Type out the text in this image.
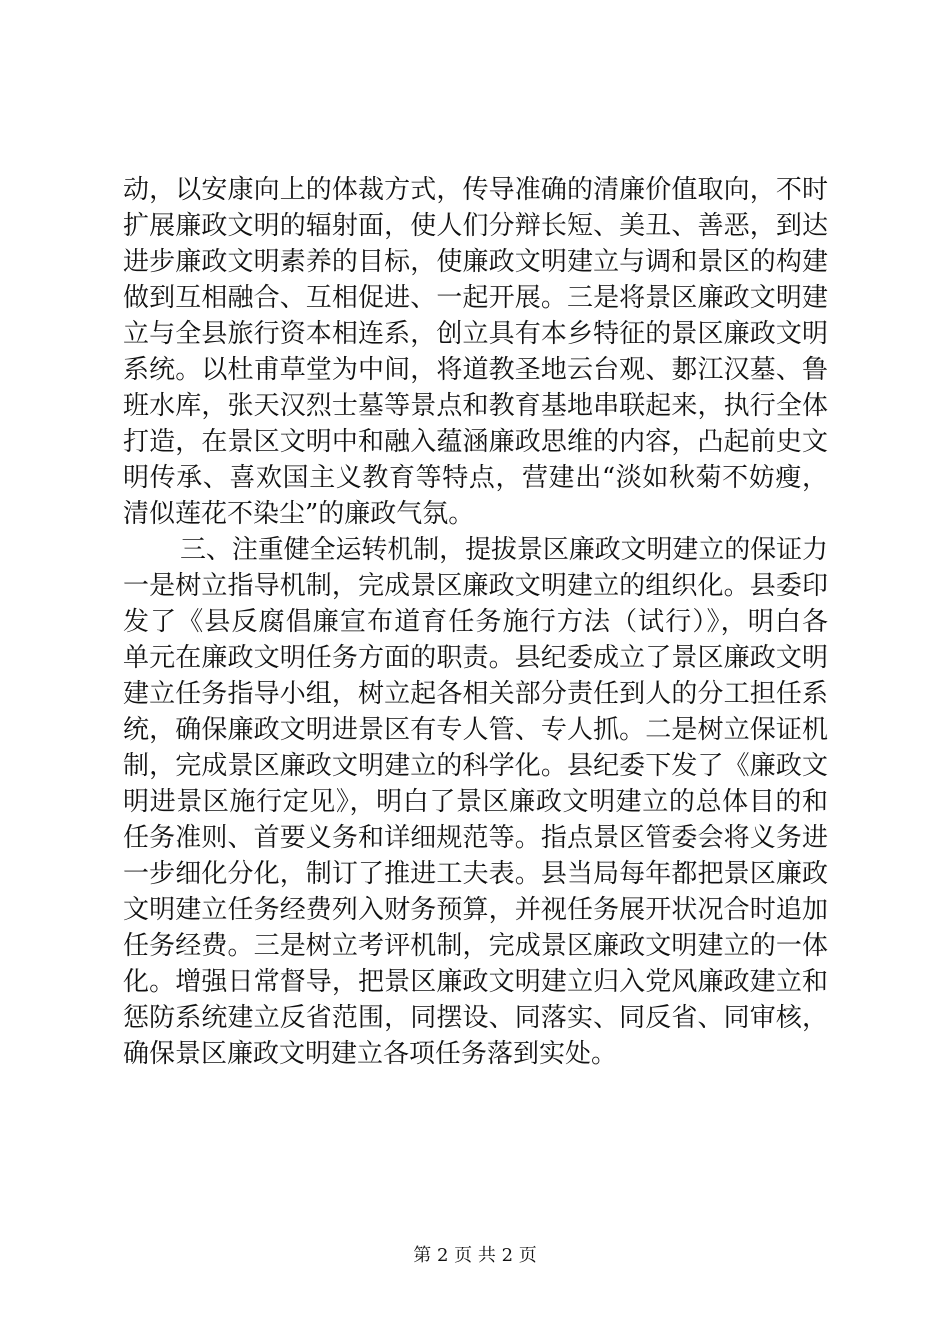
动，以安康向上的体裁方式，传导准确的清廉价值取向，不时
扩展廉政文明的辐射面，使人们分辩长短、美丑、善恶，到达
进步廉政文明素养的目标，使廉政文明建立与调和景区的构建
做到互相融合、互相促进、一起开展。三是将景区廉政文明建
立与全县旅行资本相连系，创立具有本乡特征的景区廉政文明
系统。以杜甫草堂为中间，将道教圣地云台观、郪江汉墓、鲁
班水库，张天汉烈士墓等景点和教育基地串联起来，执行全体
打造，在景区文明中和融入蕴涵廉政思维的内容，凸起前史文
明传承、喜欢国主义教育等特点，营建出“淡如秋菊不妨瘦，
清似莲花不染尘”的廉政气氛。
三、注重健全运转机制，提拔景区廉政文明建立的保证力
一是树立指导机制，完成景区廉政文明建立的组织化。县委印
发了《县反腐倡廉宣布道育任务施行方法（试行）》，明白各
单元在廉政文明任务方面的职责。县纪委成立了景区廉政文明
建立任务指导小组，树立起各相关部分责任到人的分工担任系
统，确保廉政文明进景区有专人管、专人抓。二是树立保证机
制，完成景区廉政文明建立的科学化。县纪委下发了《廉政文
明进景区施行定见》，明白了景区廉政文明建立的总体目的和
任务准则、首要义务和详细规范等。指点景区管委会将义务进
一步细化分化，制订了推进工夫表。县当局每年都把景区廉政
文明建立任务经费列入财务预算，并视任务展开状况合时追加
任务经费。三是树立考评机制，完成景区廉政文明建立的一体
化。增强日常督导，把景区廉政文明建立归入党风廉政建立和
惩防系统建立反省范围，同摆设、同落实、同反省、同审核，
确保景区廉政文明建立各项任务落到实处。
第 2 页 共 2 页
